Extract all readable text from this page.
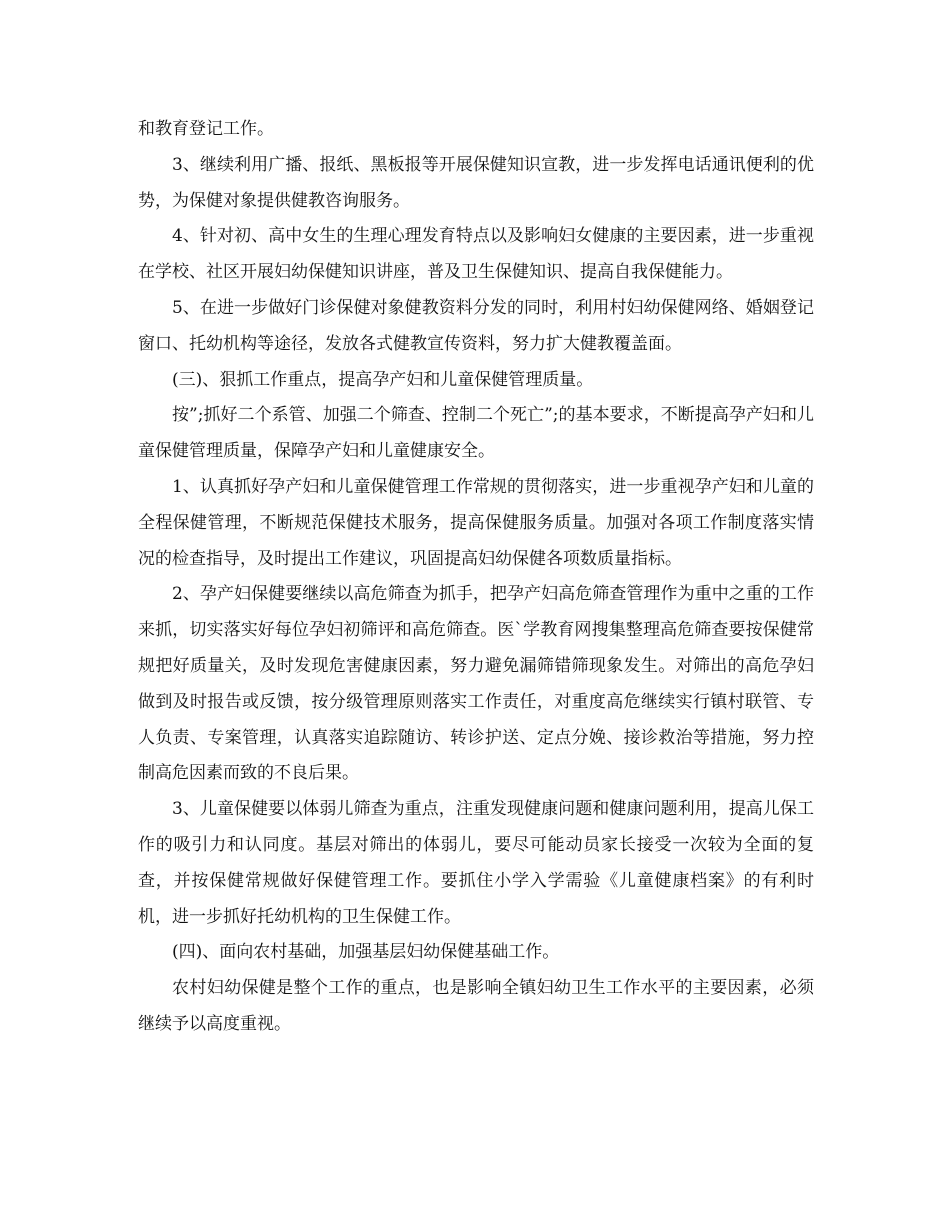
和教育登记工作。

3、继续利用广播、报纸、黑板报等开展保健知识宣教，进一步发挥电话通讯便利的优势，为保健对象提供健教咨询服务。

4、针对初、高中女生的生理心理发育特点以及影响妇女健康的主要因素，进一步重视在学校、社区开展妇幼保健知识讲座，普及卫生保健知识、提高自我保健能力。

5、在进一步做好门诊保健对象健教资料分发的同时，利用村妇幼保健网络、婚姻登记窗口、托幼机构等途径，发放各式健教宣传资料，努力扩大健教覆盖面。

(三)、狠抓工作重点，提高孕产妇和儿童保健管理质量。

按”;抓好二个系管、加强二个筛查、控制二个死亡”;的基本要求，不断提高孕产妇和儿童保健管理质量，保障孕产妇和儿童健康安全。

1、认真抓好孕产妇和儿童保健管理工作常规的贯彻落实，进一步重视孕产妇和儿童的全程保健管理，不断规范保健技术服务，提高保健服务质量。加强对各项工作制度落实情况的检查指导，及时提出工作建议，巩固提高妇幼保健各项数质量指标。

2、孕产妇保健要继续以高危筛查为抓手，把孕产妇高危筛查管理作为重中之重的工作来抓，切实落实好每位孕妇初筛评和高危筛查。医`学教育网搜集整理高危筛查要按保健常规把好质量关，及时发现危害健康因素，努力避免漏筛错筛现象发生。对筛出的高危孕妇做到及时报告或反馈，按分级管理原则落实工作责任，对重度高危继续实行镇村联管、专人负责、专案管理，认真落实追踪随访、转诊护送、定点分娩、接诊救治等措施，努力控制高危因素而致的不良后果。

3、儿童保健要以体弱儿筛查为重点，注重发现健康问题和健康问题利用，提高儿保工作的吸引力和认同度。基层对筛出的体弱儿，要尽可能动员家长接受一次较为全面的复查，并按保健常规做好保健管理工作。要抓住小学入学需验《儿童健康档案》的有利时机，进一步抓好托幼机构的卫生保健工作。

(四)、面向农村基础，加强基层妇幼保健基础工作。

农村妇幼保健是整个工作的重点，也是影响全镇妇幼卫生工作水平的主要因素，必须继续予以高度重视。
